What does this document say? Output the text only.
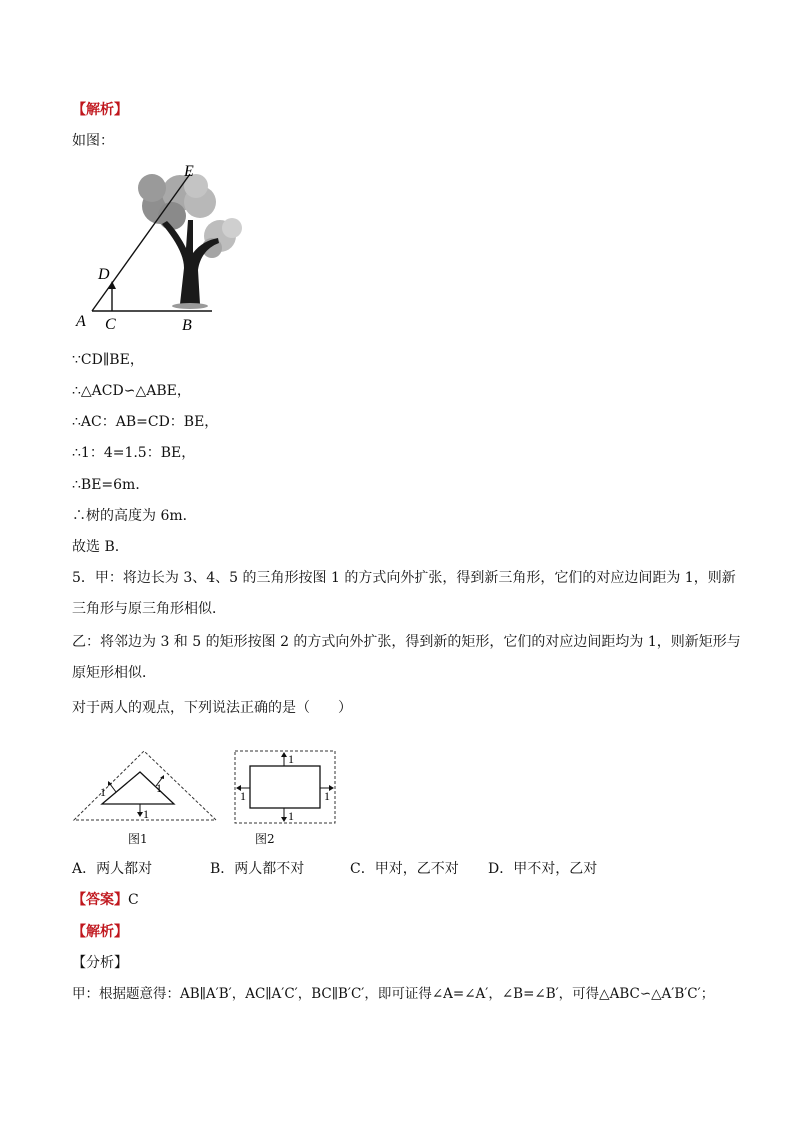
【解析】
如图：
E
D
A C	B
∵CD∥BE，
∴△ACD∽△ABE，
∴AC：AB=CD：BE，
∴1：4=1.5：BE，
∴BE=6m．
∴树的高度为 6m．
故选 B.
5．甲：将边长为 3、4、5 的三角形按图 1 的方式向外扩张，得到新三角形，它们的对应边间距为 1，则新
三角形与原三角形相似．
乙：将邻边为 3 和 5 的矩形按图 2 的方式向外扩张，得到新的矩形，它们的对应边间距均为 1，则新矩形与
原矩形相似．
对于两人的观点，下列说法正确的是（　　）
1	1
1
图1
1
1
1	1
图2
A．两人都对	B．两人都不对	C．甲对，乙不对 D．甲不对，乙对
【答案】C
【解析】
【分析】
甲：根据题意得：AB∥A′B′，AC∥A′C′，BC∥B′C′，即可证得∠A=∠A′，∠B=∠B′，可得△ABC∽△A′B′C′；
